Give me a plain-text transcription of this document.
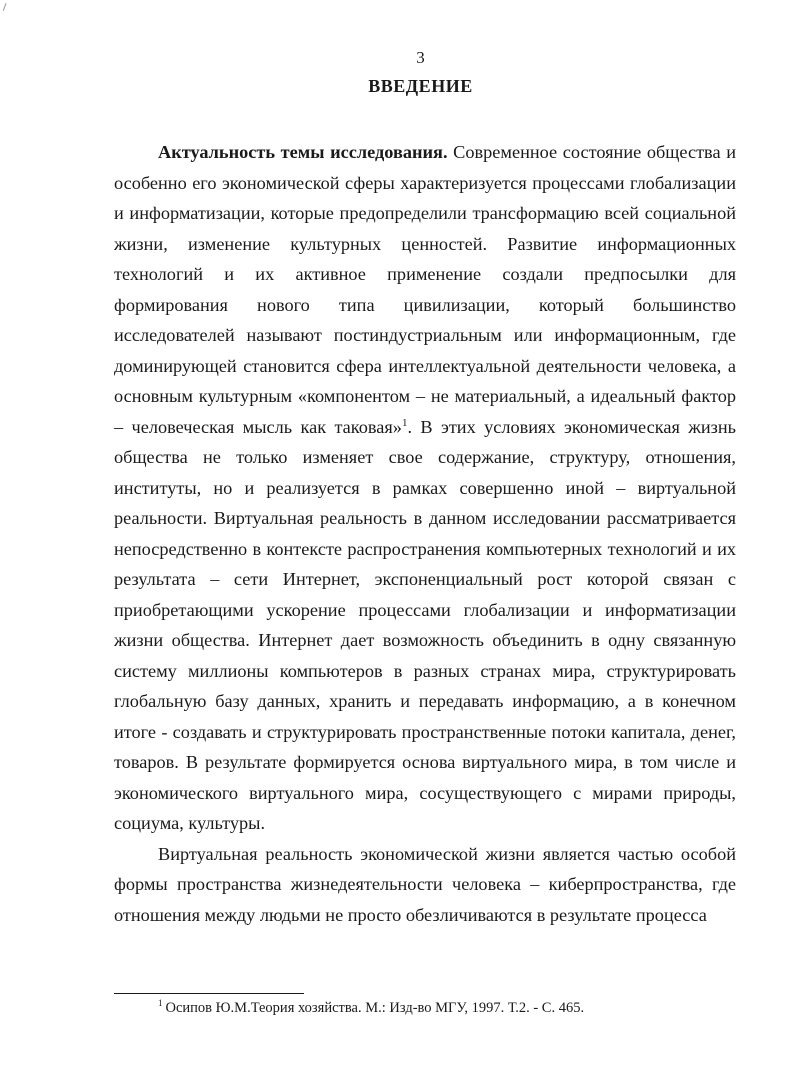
3
ВВЕДЕНИЕ

Актуальность темы исследования. Современное состояние общества и особенно его экономической сферы характеризуется процессами глобализации и информатизации, которые предопределили трансформацию всей социальной жизни, изменение культурных ценностей. Развитие информационных технологий и их активное применение создали предпосылки для формирования нового типа цивилизации, который большинство исследователей называют постиндустриальным или информационным, где доминирующей становится сфера интеллектуальной деятельности человека, а основным культурным «компонентом – не материальный, а идеальный фактор – человеческая мысль как таковая»$^1$. В этих условиях экономическая жизнь общества не только изменяет свое содержание, структуру, отношения, институты, но и реализуется в рамках совершенно иной – виртуальной реальности. Виртуальная реальность в данном исследовании рассматривается непосредственно в контексте распространения компьютерных технологий и их результата – сети Интернет, экспоненциальный рост которой связан с приобретающими ускорение процессами глобализации и информатизации жизни общества. Интернет дает возможность объединить в одну связанную систему миллионы компьютеров в разных странах мира, структурировать глобальную базу данных, хранить и передавать информацию, а в конечном итоге - создавать и структурировать пространственные потоки капитала, денег, товаров. В результате формируется основа виртуального мира, в том числе и экономического виртуального мира, сосуществующего с мирами природы, социума, культуры.

Виртуальная реальность экономической жизни является частью особой формы пространства жизнедеятельности человека – киберпространства, где отношения между людьми не просто обезличиваются в результате процесса

$^1$ Осипов Ю.М.Теория хозяйства. М.: Изд-во МГУ, 1997. Т.2. - С. 465.
